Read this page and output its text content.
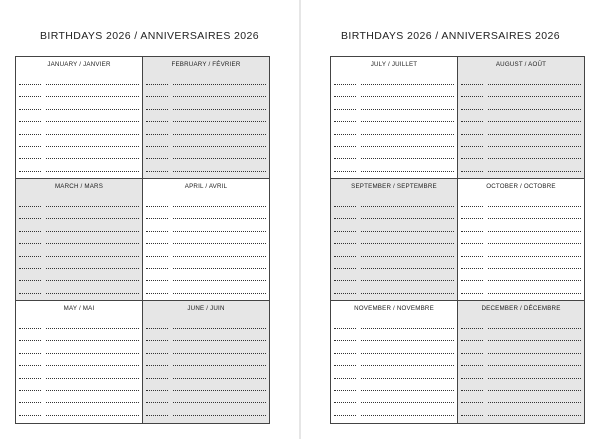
BIRTHDAYS 2026 / ANNIVERSAIRES 2026
JANUARY / JANVIER	FEBRUARY / FÉVRIER
MARCH / MARS	APRIL / AVRIL
MAY / MAI	JUNE / JUIN
BIRTHDAYS 2026 / ANNIVERSAIRES 2026
JULY / JUILLET	AUGUST / AOÛT
SEPTEMBER / SEPTEMBRE	OCTOBER / OCTOBRE
NOVEMBER / NOVEMBRE	DECEMBER / DÉCEMBRE
